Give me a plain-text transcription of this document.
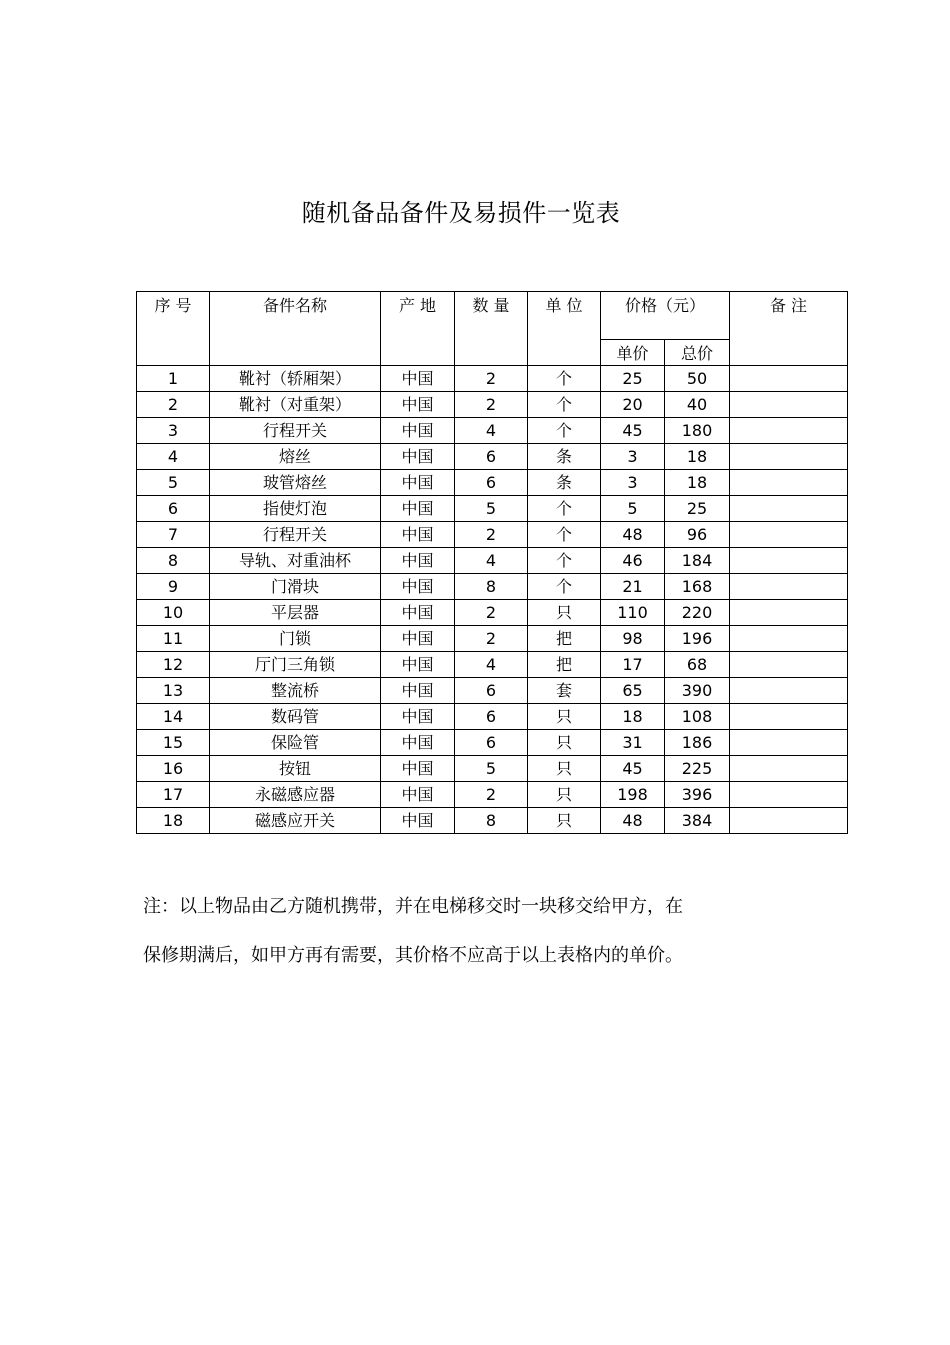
随机备品备件及易损件一览表
序 号	备件名称	产 地	数 量	单 位	价格（元）		备 注
					单价	总价	
1	靴衬（轿厢架）	中国	2	个	25	50	
2	靴衬（对重架）	中国	2	个	20	40	
3	行程开关	中国	4	个	45	180	
4	熔丝	中国	6	条	3	18	
5	玻管熔丝	中国	6	条	3	18	
6	指使灯泡	中国	5	个	5	25	
7	行程开关	中国	2	个	48	96	
8	导轨、对重油杯	中国	4	个	46	184	
9	门滑块	中国	8	个	21	168	
10	平层器	中国	2	只	110	220	
11	门锁	中国	2	把	98	196	
12	厅门三角锁	中国	4	把	17	68	
13	整流桥	中国	6	套	65	390	
14	数码管	中国	6	只	18	108	
15	保险管	中国	6	只	31	186	
16	按钮	中国	5	只	45	225	
17	永磁感应器	中国	2	只	198	396	
18	磁感应开关	中国	8	只	48	384	
注：以上物品由乙方随机携带，并在电梯移交时一块移交给甲方，在
保修期满后，如甲方再有需要，其价格不应高于以上表格内的单价。
